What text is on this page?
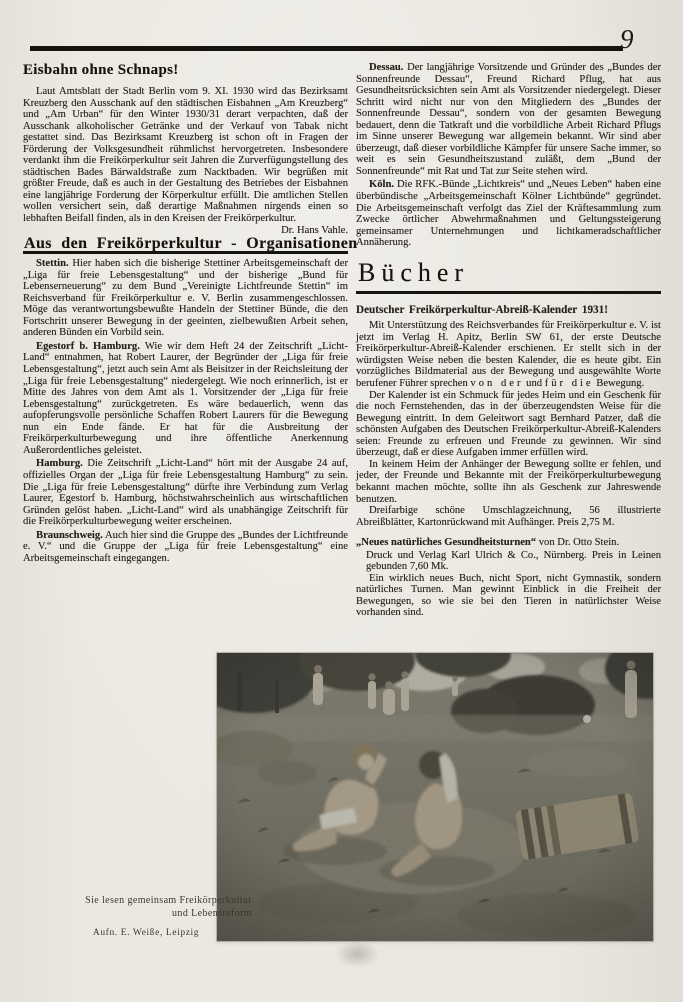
9
Eisbahn ohne Schnaps!

Laut Amtsblatt der Stadt Berlin vom 9. XI. 1930 wird das Bezirksamt Kreuzberg den Ausschank auf den städtischen Eisbahnen „Am Kreuzberg“ und „Am Urban“ für den Winter 1930/31 derart verpachten, daß der Ausschank alkoholischer Getränke und der Verkauf von Tabak nicht gestattet sind. Das Bezirksamt Kreuzberg ist schon oft in Fragen der Förderung der Volksgesundheit rühmlichst hervorgetreten. Insbesondere verdankt ihm die Freikörperkultur seit Jahren die Zurverfügungstellung des städtischen Bades Bärwaldstraße zum Nacktbaden. Wir begrüßen mit größter Freude, daß es auch in der Gestaltung des Betriebes der Eisbahnen eine langjährige Forderung der Körperkultur erfüllt. Die amtlichen Stellen wollen versichert sein, daß derartige Maßnahmen nirgends einen so lebhaften Beifall finden, als in den Kreisen der Freikörperkultur.
Dr. Hans Vahle.

Aus den Freikörperkultur - Organisationen

Stettin. Hier haben sich die bisherige Stettiner Arbeitsgemeinschaft der „Liga für freie Lebensgestaltung“ und der bisherige „Bund für Lebenserneuerung“ zu dem Bund „Vereinigte Lichtfreunde Stettin“ im Reichsverband für Freikörperkultur e. V. Berlin zusammengeschlossen. Möge das verantwortungsbewußte Handeln der Stettiner Bünde, die den Fortschritt unserer Bewegung in der geeinten, zielbewußten Arbeit sehen, anderen Bünden ein Vorbild sein.

Egestorf b. Hamburg. Wie wir dem Heft 24 der Zeitschrift „Licht-Land“ entnahmen, hat Robert Laurer, der Begründer der „Liga für freie Lebensgestaltung“, jetzt auch sein Amt als Beisitzer in der Reichsleitung der „Liga für freie Lebensgestaltung“ niedergelegt. Wie noch erinnerlich, ist er Mitte des Jahres von dem Amt als 1. Vorsitzender der „Liga für freie Lebensgestaltung“ zurückgetreten. Es wäre bedauerlich, wenn das aufopferungsvolle persönliche Schaffen Robert Laurers für die Bewegung nun ein Ende fände. Er hat für die Ausbreitung der Freikörperkulturbewegung und ihre öffentliche Anerkennung Außerordentliches geleistet.

Hamburg. Die Zeitschrift „Licht-Land“ hört mit der Ausgabe 24 auf, offizielles Organ der „Liga für freie Lebensgestaltung Hamburg“ zu sein. Die „Liga für freie Lebensgestaltung“ dürfte ihre Verbindung zum Verlag Laurer, Egestorf b. Hamburg, höchstwahrscheinlich aus wirtschaftlichen Gründen gelöst haben. „Licht-Land“ wird als unabhängige Zeitschrift für die Freikörperkulturbewegung weiter erscheinen.

Braunschweig. Auch hier sind die Gruppe des „Bundes der Lichtfreunde e. V.“ und die Gruppe der „Liga für freie Lebensgestaltung“ eine Arbeitsgemeinschaft eingegangen.

Dessau. Der langjährige Vorsitzende und Gründer des „Bundes der Sonnenfreunde Dessau“, Freund Richard Pflug, hat aus Gesundheitsrücksichten sein Amt als Vorsitzender niedergelegt. Dieser Schritt wird nicht nur von den Mitgliedern des „Bundes der Sonnenfreunde Dessau“, sondern von der gesamten Bewegung bedauert, denn die Tatkraft und die vorbildliche Arbeit Richard Pflugs im Sinne unserer Bewegung war allgemein bekannt. Wir sind aber überzeugt, daß dieser vorbildliche Kämpfer für unsere Sache immer, so weit es sein Gesundheitszustand zuläßt, dem „Bund der Sonnenfreunde“ mit Rat und Tat zur Seite stehen wird.

Köln. Die RFK.-Bünde „Lichtkreis“ und „Neues Leben“ haben eine überbündische „Arbeitsgemeinschaft Kölner Lichtbünde“ gegründet. Die Arbeitsgemeinschaft verfolgt das Ziel der Kräftesammlung zum Zwecke örtlicher Abwehrmaßnahmen und Geltungssteigerung gemeinsamer Unternehmungen und lichtkameradschaftlicher Annäherung.

Bücher

Deutscher Freikörperkultur-Abreiß-Kalender 1931!

Mit Unterstützung des Reichsverbandes für Freikörperkultur e. V. ist jetzt im Verlag H. Apitz, Berlin SW 61, der erste Deutsche Freikörperkultur-Abreiß-Kalender erschienen. Er stellt sich in der würdigsten Weise neben die besten Kalender, die es heute gibt. Ein vorzügliches Bildmaterial aus der Bewegung und ausgewählte Worte berufener Führer sprechen von der und für die Bewegung.

Der Kalender ist ein Schmuck für jedes Heim und ein Geschenk für die noch Fernstehenden, das in der überzeugendsten Weise für die Bewegung eintritt. In dem Geleitwort sagt Bernhard Patzer, daß die schönsten Aufgaben des Deutschen Freikörperkultur-Abreiß-Kalenders seien: Freunde zu erfreuen und Freunde zu gewinnen. Wir sind überzeugt, daß er diese Aufgaben immer erfüllen wird.

In keinem Heim der Anhänger der Bewegung sollte er fehlen, und jeder, der Freunde und Bekannte mit der Freikörperkulturbewegung bekannt machen möchte, sollte ihn als Geschenk zur Jahreswende benutzen.

Dreifarbige schöne Umschlagzeichnung, 56 illustrierte Abreißblätter, Kartonrückwand mit Aufhänger. Preis 2,75 M.

„Neues natürliches Gesundheitsturnen“ von Dr. Otto Stein.

Druck und Verlag Karl Ulrich & Co., Nürnberg. Preis in Leinen gebunden 7,60 Mk.

Ein wirklich neues Buch, nicht Sport, nicht Gymnastik, sondern natürliches Turnen. Man gewinnt Einblick in die Freiheit der Bewegungen, so wie sie bei den Tieren in natürlichster Weise vorhanden sind.

Sie lesen gemeinsam Freikörperkultur
und Lebensreform
Aufn. E. Weiße, Leipzig
